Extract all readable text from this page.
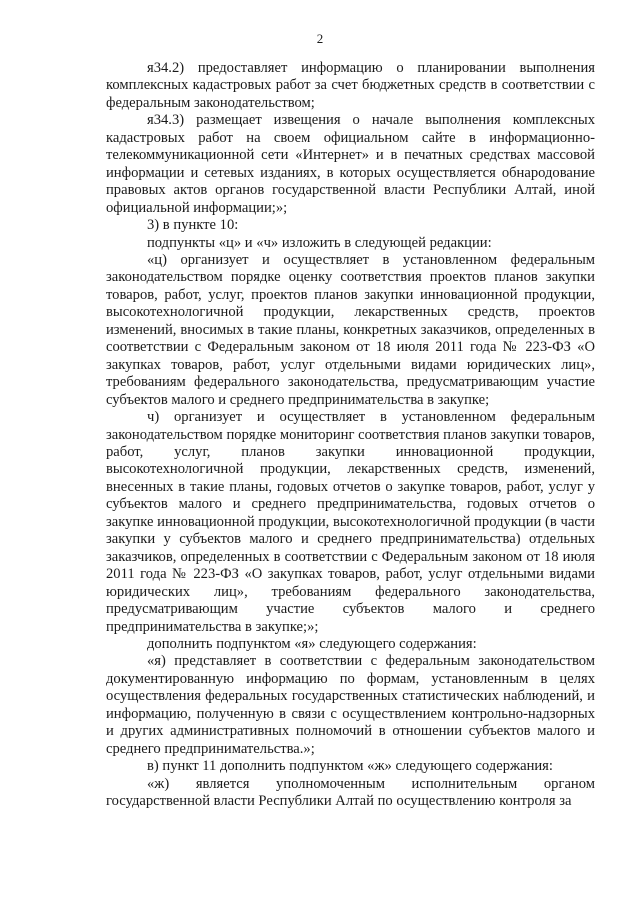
2

я34.2) предоставляет информацию о планировании выполнения комплексных кадастровых работ за счет бюджетных средств в соответствии с федеральным законодательством;

я34.3) размещает извещения о начале выполнения комплексных кадастровых работ на своем официальном сайте в информационно-телекоммуникационной сети «Интернет» и в печатных средствах массовой информации и сетевых изданиях, в которых осуществляется обнародование правовых актов органов государственной власти Республики Алтай, иной официальной информации;»;

3) в пункте 10:

подпункты «ц» и «ч» изложить в следующей редакции:

«ц) организует и осуществляет в установленном федеральным законодательством порядке оценку соответствия проектов планов закупки товаров, работ, услуг, проектов планов закупки инновационной продукции, высокотехнологичной продукции, лекарственных средств, проектов изменений, вносимых в такие планы, конкретных заказчиков, определенных в соответствии с Федеральным законом от 18 июля 2011 года № 223-ФЗ «О закупках товаров, работ, услуг отдельными видами юридических лиц», требованиям федерального законодательства, предусматривающим участие субъектов малого и среднего предпринимательства в закупке;

ч) организует и осуществляет в установленном федеральным законодательством порядке мониторинг соответствия планов закупки товаров, работ, услуг, планов закупки инновационной продукции, высокотехнологичной продукции, лекарственных средств, изменений, внесенных в такие планы, годовых отчетов о закупке товаров, работ, услуг у субъектов малого и среднего предпринимательства, годовых отчетов о закупке инновационной продукции, высокотехнологичной продукции (в части закупки у субъектов малого и среднего предпринимательства) отдельных заказчиков, определенных в соответствии с Федеральным законом от 18 июля 2011 года № 223-ФЗ «О закупках товаров, работ, услуг отдельными видами юридических лиц», требованиям федерального законодательства, предусматривающим участие субъектов малого и среднего предпринимательства в закупке;»;

дополнить подпунктом «я» следующего содержания:

«я) представляет в соответствии с федеральным законодательством документированную информацию по формам, установленным в целях осуществления федеральных государственных статистических наблюдений, и информацию, полученную в связи с осуществлением контрольно-надзорных и других административных полномочий в отношении субъектов малого и среднего предпринимательства.»;

в) пункт 11 дополнить подпунктом «ж» следующего содержания:

«ж) является уполномоченным исполнительным органом государственной власти Республики Алтай по осуществлению контроля за
